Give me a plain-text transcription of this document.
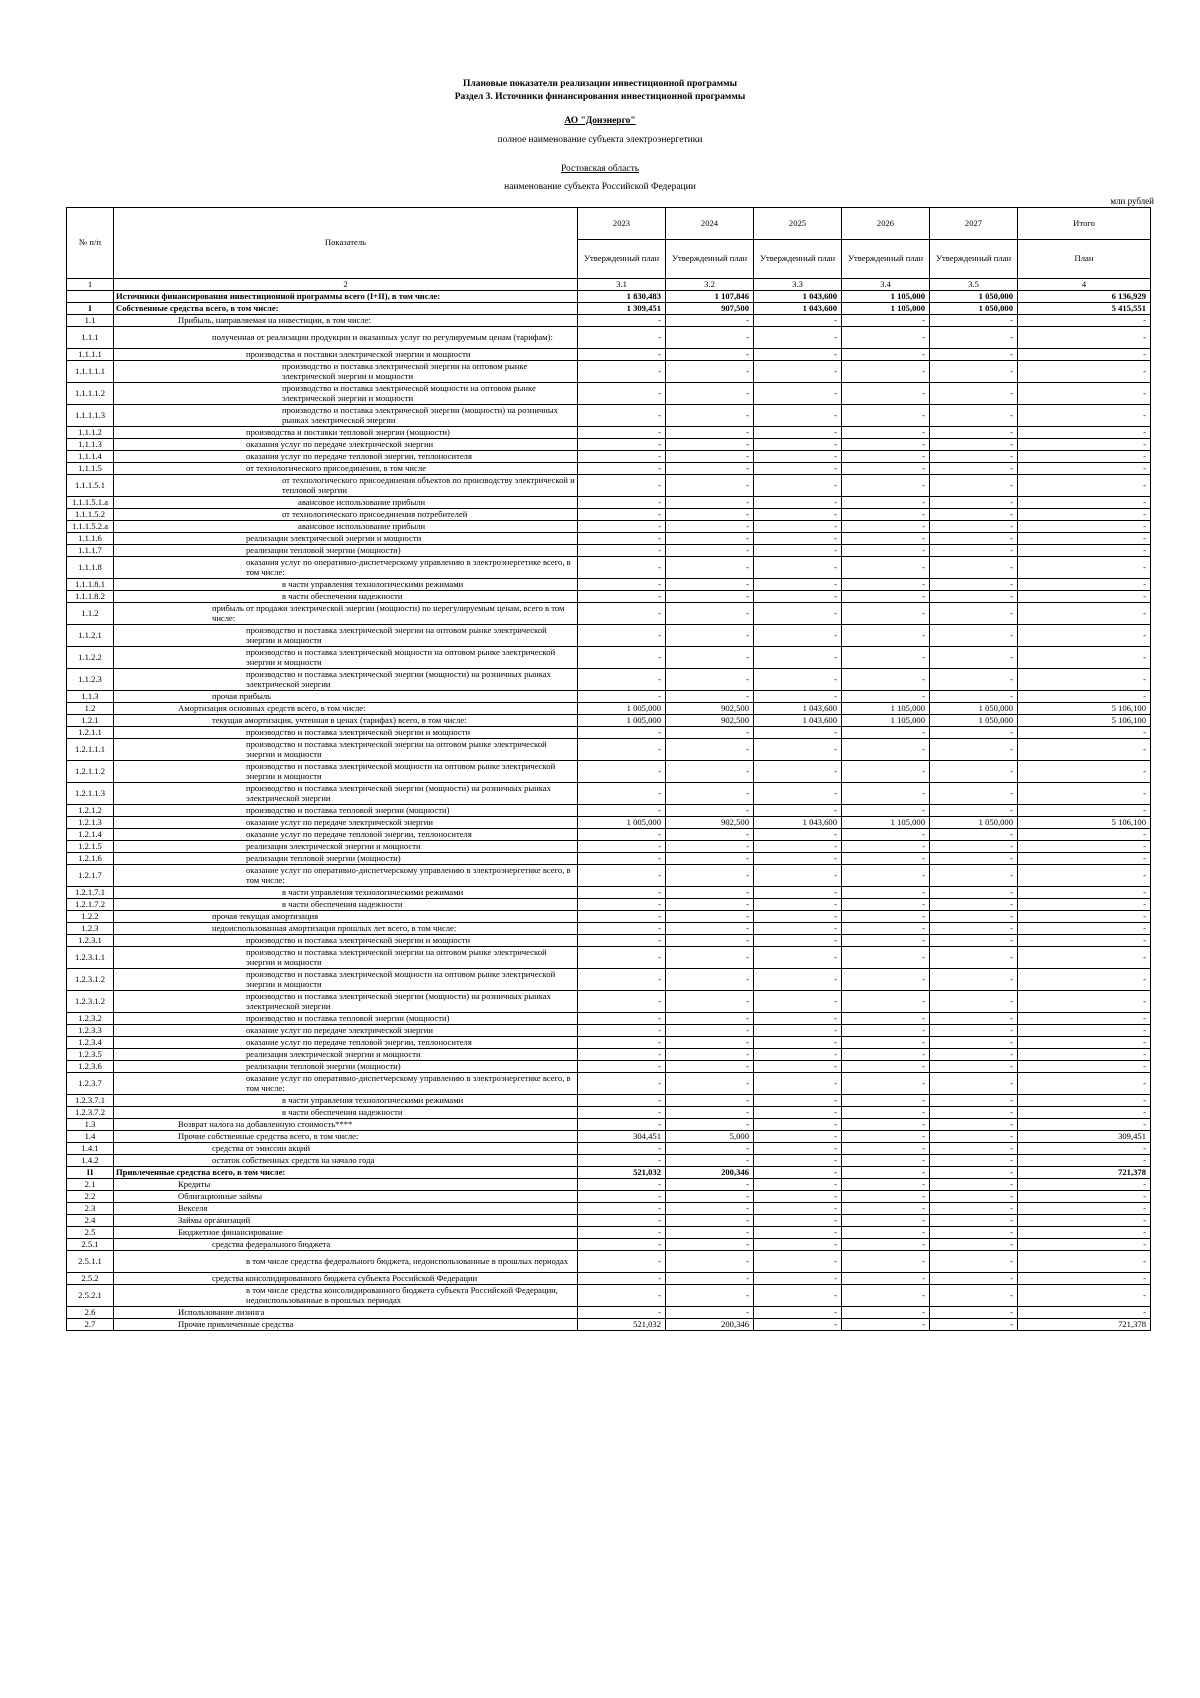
Плановые показатели реализации инвестиционной программы
Раздел 3. Источники финансирования инвестиционной программы
АО "Донэнерго"
полное наименование субъекта электроэнергетики
Ростовская область
наименование субъекта Российской Федерации
млн рублей
№ п/п	Показатель	2023	2024	2025	2026	2027	Итого
		Утвержденный план	Утвержденный план	Утвержденный план	Утвержденный план	Утвержденный план	План
1	2	3.1	3.2	3.3	3.4	3.5	4
	Источники финансирования инвестиционной программы всего (I+II), в том числе:	1 830,483	1 107,846	1 043,600	1 105,000	1 050,000	6 136,929
I	Собственные средства всего, в том числе:	1 309,451	907,500	1 043,600	1 105,000	1 050,000	5 415,551
1.1	Прибыль, направляемая на инвестиции, в том числе:	-	-	-	-	-	-
1.1.1	полученная от реализации продукции и оказанных услуг по регулируемым ценам (тарифам):	-	-	-	-	-	-
1.1.1.1	производства и поставки электрической энергии и мощности	-	-	-	-	-	-
1.1.1.1.1	производство и поставка электрической энергии на оптовом рынке электрической энергии и мощности	-	-	-	-	-	-
1.1.1.1.2	производство и поставка электрической мощности на оптовом рынке электрической энергии и мощности	-	-	-	-	-	-
1.1.1.1.3	производство и поставка электрической энергии (мощности) на розничных рынках электрической энергии	-	-	-	-	-	-
1.1.1.2	производства и поставки тепловой энергии (мощности)	-	-	-	-	-	-
1.1.1.3	оказания услуг по передаче электрической энергии	-	-	-	-	-	-
1.1.1.4	оказания услуг по передаче тепловой энергии, теплоносителя	-	-	-	-	-	-
1.1.1.5	от технологического присоединения, в том числе	-	-	-	-	-	-
1.1.1.5.1	от технологического присоединения объектов по производству электрической и тепловой энергии	-	-	-	-	-	-
1.1.1.5.1.a	авансовое использование прибыли	-	-	-	-	-	-
1.1.1.5.2	от технологического присоединения потребителей	-	-	-	-	-	-
1.1.1.5.2.a	авансовое использование прибыли	-	-	-	-	-	-
1.1.1.6	реализации электрической энергии и мощности	-	-	-	-	-	-
1.1.1.7	реализации тепловой энергии (мощности)	-	-	-	-	-	-
1.1.1.8	оказания услуг по оперативно-диспетчерскому управлению в электроэнергетике всего, в том числе:	-	-	-	-	-	-
1.1.1.8.1	в части управления технологическими режимами	-	-	-	-	-	-
1.1.1.8.2	в части обеспечения надежности	-	-	-	-	-	-
1.1.2	прибыль от продажи электрической энергии (мощности) по нерегулируемым ценам, всего в том числе:	-	-	-	-	-	-
1.1.2.1	производство и поставка электрической энергии на оптовом рынке электрической энергии и мощности	-	-	-	-	-	-
1.1.2.2	производство и поставка электрической мощности на оптовом рынке электрической энергии и мощности	-	-	-	-	-	-
1.1.2.3	производство и поставка электрической энергии (мощности) на розничных рынках электрической энергии	-	-	-	-	-	-
1.1.3	прочая прибыль	-	-	-	-	-	-
1.2	Амортизация основных средств всего, в том числе:	1 005,000	902,500	1 043,600	1 105,000	1 050,000	5 106,100
1.2.1	текущая амортизация, учтенная в ценах (тарифах) всего, в том числе:	1 005,000	902,500	1 043,600	1 105,000	1 050,000	5 106,100
1.2.1.1	производство и поставка электрической энергии и мощности	-	-	-	-	-	-
1.2.1.1.1	производство и поставка электрической энергии на оптовом рынке электрической энергии и мощности	-	-	-	-	-	-
1.2.1.1.2	производство и поставка электрической мощности на оптовом рынке электрической энергии и мощности	-	-	-	-	-	-
1.2.1.1.3	производство и поставка электрической энергии (мощности) на розничных рынках электрической энергии	-	-	-	-	-	-
1.2.1.2	производство и поставка тепловой энергии (мощности)	-	-	-	-	-	-
1.2.1.3	оказание услуг по передаче электрической энергии	1 005,000	902,500	1 043,600	1 105,000	1 050,000	5 106,100
1.2.1.4	оказание услуг по передаче тепловой энергии, теплоносителя	-	-	-	-	-	-
1.2.1.5	реализация электрической энергии и мощности	-	-	-	-	-	-
1.2.1.6	реализации тепловой энергии (мощности)	-	-	-	-	-	-
1.2.1.7	оказание услуг по оперативно-диспетчерскому управлению в электроэнергетике всего, в том числе:	-	-	-	-	-	-
1.2.1.7.1	в части управления технологическими режимами	-	-	-	-	-	-
1.2.1.7.2	в части обеспечения надежности	-	-	-	-	-	-
1.2.2	прочая текущая амортизация	-	-	-	-	-	-
1.2.3	недоиспользованная амортизация прошлых лет всего, в том числе:	-	-	-	-	-	-
1.2.3.1	производство и поставка электрической энергии и мощности	-	-	-	-	-	-
1.2.3.1.1	производство и поставка электрической энергии на оптовом рынке электрической энергии и мощности	-	-	-	-	-	-
1.2.3.1.2	производство и поставка электрической мощности на оптовом рынке электрической энергии и мощности	-	-	-	-	-	-
1.2.3.1.2	производство и поставка электрической энергии (мощности) на розничных рынках электрической энергии	-	-	-	-	-	-
1.2.3.2	производство и поставка тепловой энергии (мощности)	-	-	-	-	-	-
1.2.3.3	оказание услуг по передаче электрической энергии	-	-	-	-	-	-
1.2.3.4	оказание услуг по передаче тепловой энергии, теплоносителя	-	-	-	-	-	-
1.2.3.5	реализация электрической энергии и мощности	-	-	-	-	-	-
1.2.3.6	реализации тепловой энергии (мощности)	-	-	-	-	-	-
1.2.3.7	оказание услуг по оперативно-диспетчерскому управлению в электроэнергетике всего, в том числе:	-	-	-	-	-	-
1.2.3.7.1	в части управления технологическими режимами	-	-	-	-	-	-
1.2.3.7.2	в части обеспечения надежности	-	-	-	-	-	-
1.3	Возврат налога на добавленную стоимость****	-	-	-	-	-	-
1.4	Прочие собственные средства всего, в том числе:	304,451	5,000	-	-	-	309,451
1.4.1	средства от эмиссии акций	-	-	-	-	-	-
1.4.2	остаток собственных средств на начало года	-	-	-	-	-	-
II	Привлеченные средства всего, в том числе:	521,032	200,346	-	-	-	721,378
2.1	Кредиты	-	-	-	-	-	-
2.2	Облигационные займы	-	-	-	-	-	-
2.3	Векселя	-	-	-	-	-	-
2.4	Займы организаций	-	-	-	-	-	-
2.5	Бюджетное финансирование	-	-	-	-	-	-
2.5.1	средства федерального бюджета	-	-	-	-	-	-
2.5.1.1	в том числе средства федерального бюджета, недоиспользованные в прошлых периодах	-	-	-	-	-	-
2.5.2	средства консолидированного бюджета субъекта Российской Федерации	-	-	-	-	-	-
2.5.2.1	в том числе средства консолидированного бюджета субъекта Российской Федерации, недоиспользованные в прошлых периодах	-	-	-	-	-	-
2.6	Использование лизинга	-	-	-	-	-	-
2.7	Прочие привлеченные средства	521,032	200,346	-	-	-	721,378
